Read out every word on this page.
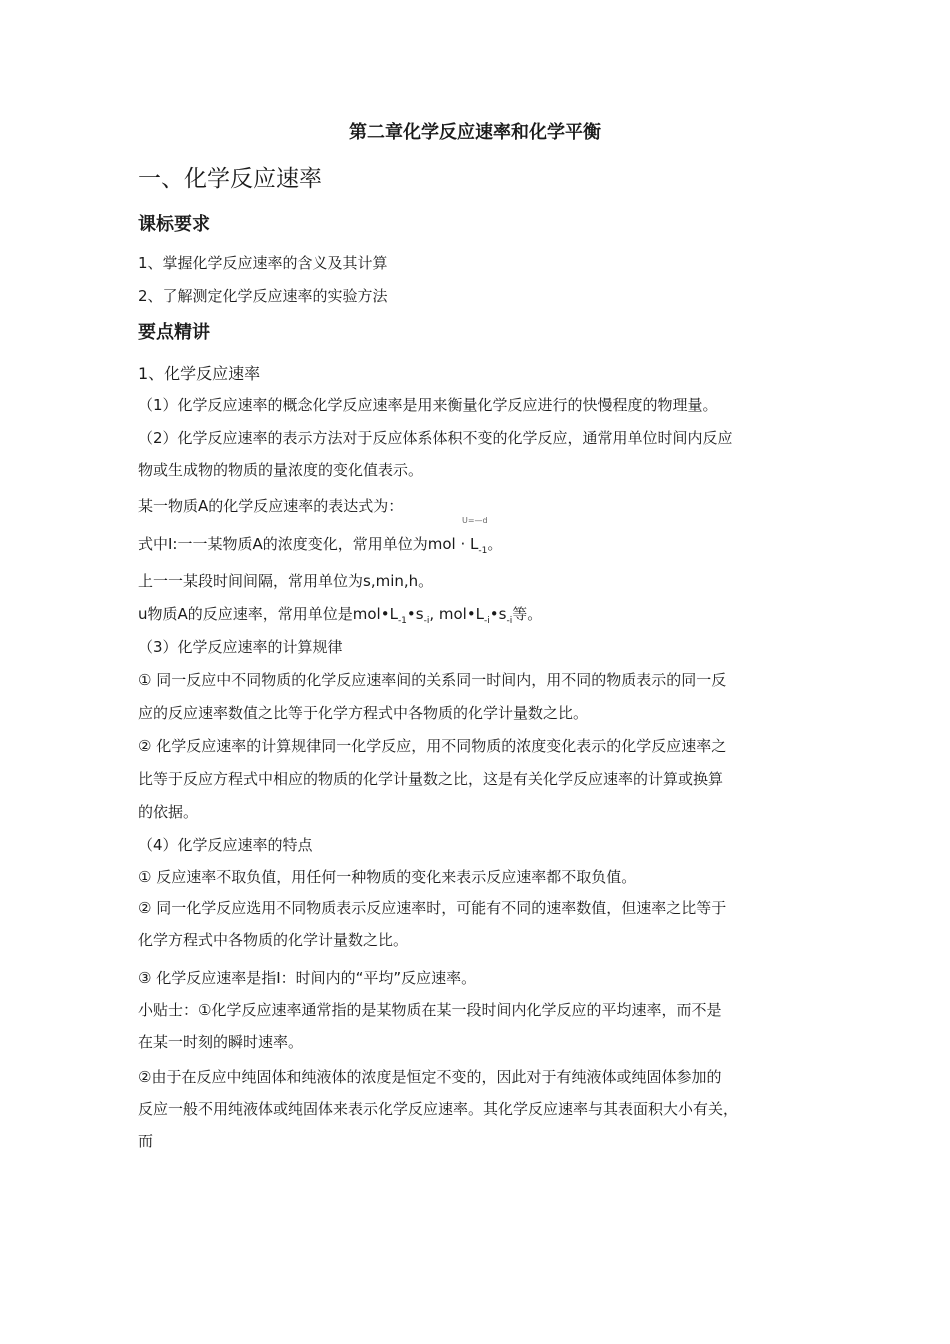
第二章化学反应速率和化学平衡
一、化学反应速率
课标要求
1、掌握化学反应速率的含义及其计算
2、了解测定化学反应速率的实验方法
要点精讲
1、化学反应速率
（1）化学反应速率的概念化学反应速率是用来衡量化学反应进行的快慢程度的物理量。
（2）化学反应速率的表示方法对于反应体系体积不变的化学反应，通常用单位时间内反应
物或生成物的物质的量浓度的变化值表示。
某一物质A的化学反应速率的表达式为：
U=—d
式中I:一一某物质A的浓度变化，常用单位为mol · $L_{-1}$。
上一一某段时间间隔，常用单位为s,min,h。
u物质A的反应速率，常用单位是$mol•L_{-1}•s_{-i}$, $mol•L_{-i}•s_{-i}$等。
（3）化学反应速率的计算规律
① 同一反应中不同物质的化学反应速率间的关系同一时间内，用不同的物质表示的同一反
应的反应速率数值之比等于化学方程式中各物质的化学计量数之比。
② 化学反应速率的计算规律同一化学反应，用不同物质的浓度变化表示的化学反应速率之
比等于反应方程式中相应的物质的化学计量数之比，这是有关化学反应速率的计算或换算
的依据。
（4）化学反应速率的特点
① 反应速率不取负值，用任何一种物质的变化来表示反应速率都不取负值。
② 同一化学反应选用不同物质表示反应速率时，可能有不同的速率数值，但速率之比等于
化学方程式中各物质的化学计量数之比。
③ 化学反应速率是指I：时间内的“平均”反应速率。
小贴士：①化学反应速率通常指的是某物质在某一段时间内化学反应的平均速率，而不是
在某一时刻的瞬时速率。
②由于在反应中纯固体和纯液体的浓度是恒定不变的，因此对于有纯液体或纯固体参加的
反应一般不用纯液体或纯固体来表示化学反应速率。其化学反应速率与其表面积大小有关，
而
